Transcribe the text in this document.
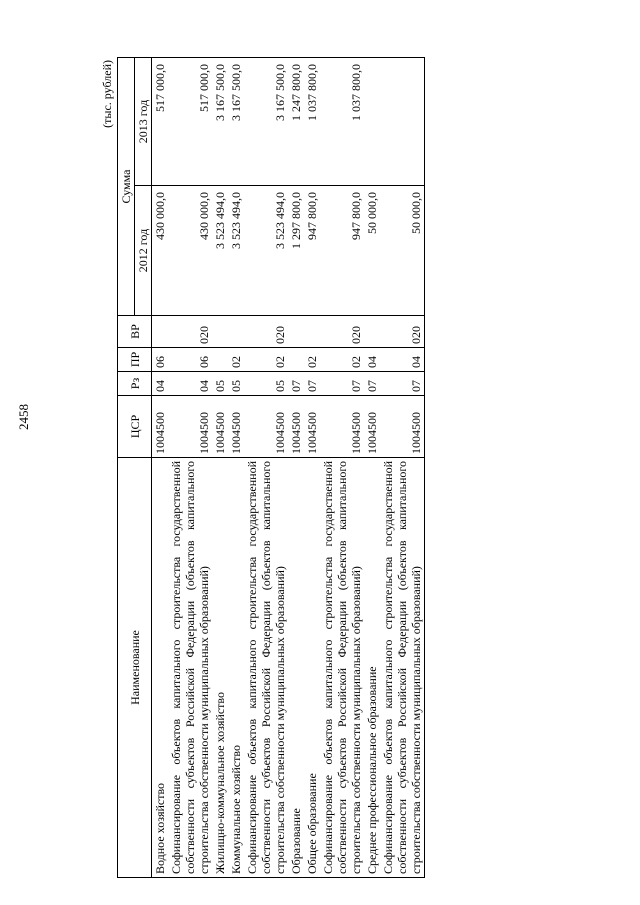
2458
(тыс. рублей)
Наименование	ЦСР	Рз	ПР	ВР	Сумма	
					2012 год	2013 год
Водное хозяйство	1004500	04	06		430 000,0	517 000,0
Софинансирование объектов капитального строительства государственной собственности субъектов Российской Федерации (объектов капитального строительства собственности муниципальных образований)	1004500	04	06	020	430 000,0	517 000,0
Жилищно-коммунальное хозяйство	1004500	05			3 523 494,0	3 167 500,0
Коммунальное хозяйство	1004500	05	02		3 523 494,0	3 167 500,0
Софинансирование объектов капитального строительства государственной собственности субъектов Российской Федерации (объектов капитального строительства собственности муниципальных образований)	1004500	05	02	020	3 523 494,0	3 167 500,0
Образование	1004500	07			1 297 800,0	1 247 800,0
Общее образование	1004500	07	02		947 800,0	1 037 800,0
Софинансирование объектов капитального строительства государственной собственности субъектов Российской Федерации (объектов капитального строительства собственности муниципальных образований)	1004500	07	02	020	947 800,0	1 037 800,0
Среднее профессиональное образование	1004500	07	04		50 000,0	
Софинансирование объектов капитального строительства государственной собственности субъектов Российской Федерации (объектов капитального строительства собственности муниципальных образований)	1004500	07	04	020	50 000,0	
